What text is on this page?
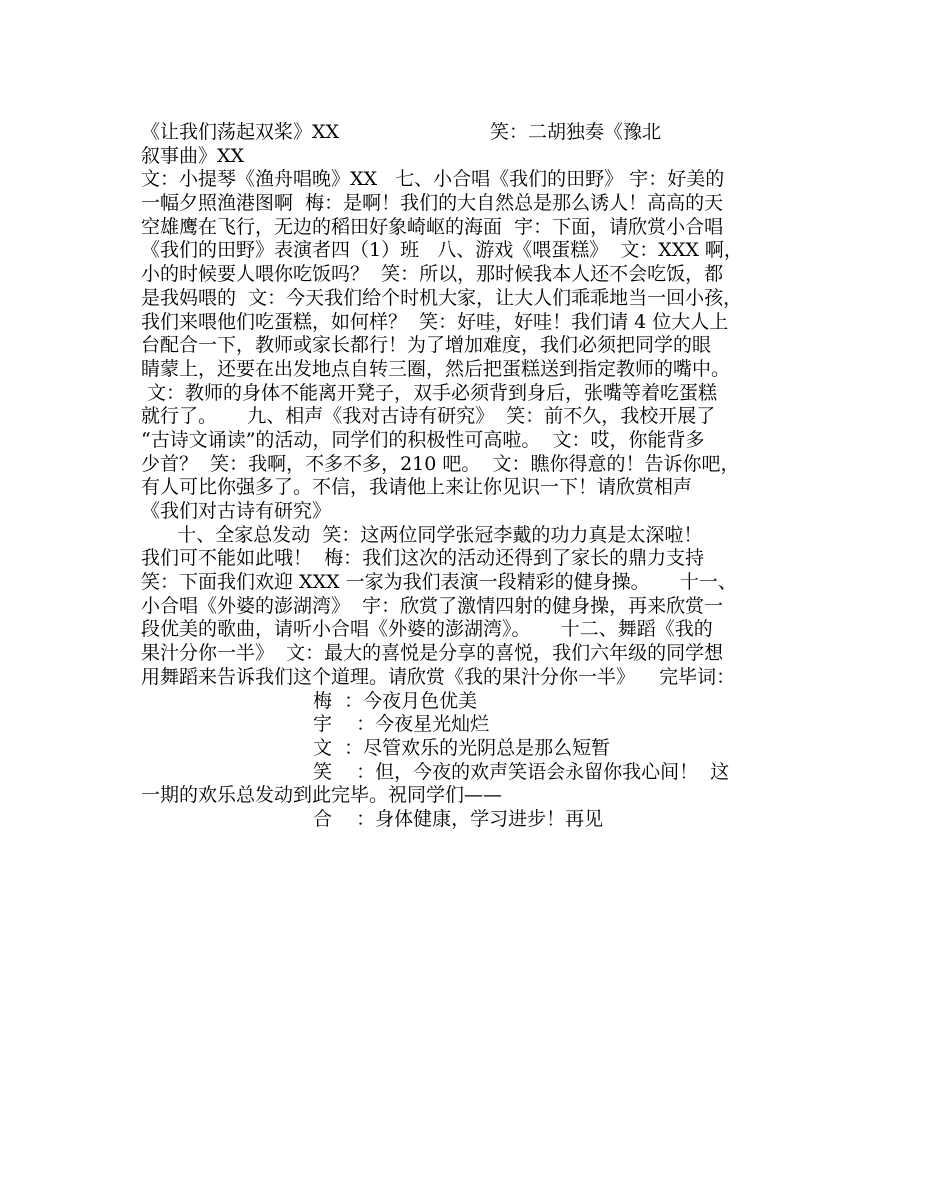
《让我们荡起双桨》XX                         笑：二胡独奏《豫北
叙事曲》XX
文：小提琴《渔舟唱晚》XX   七、小合唱《我们的田野》 宇：好美的
一幅夕照渔港图啊  梅：是啊！我们的大自然总是那么诱人！高高的天
空雄鹰在飞行，无边的稻田好象崎岖的海面  宇：下面，请欣赏小合唱
《我们的田野》表演者四（1）班   八、游戏《喂蛋糕》  文：XXX 啊，
小的时候要人喂你吃饭吗？  笑：所以，那时候我本人还不会吃饭，都
是我妈喂的  文：今天我们给个时机大家，让大人们乖乖地当一回小孩，
我们来喂他们吃蛋糕，如何样？  笑：好哇，好哇！我们请 4 位大人上
台配合一下，教师或家长都行！为了增加难度，我们必须把同学的眼
睛蒙上，还要在出发地点自转三圈，然后把蛋糕送到指定教师的嘴中。
文：教师的身体不能离开凳子，双手必须背到身后，张嘴等着吃蛋糕
就行了。     九、相声《我对古诗有研究》  笑：前不久，我校开展了
“古诗文诵读”的活动，同学们的积极性可高啦。  文：哎，你能背多
少首？  笑：我啊，不多不多，210 吧。  文：瞧你得意的！告诉你吧，
有人可比你强多了。不信，我请他上来让你见识一下！请欣赏相声
《我们对古诗有研究》
十、全家总发动  笑：这两位同学张冠李戴的功力真是太深啦！
我们可不能如此哦！  梅：我们这次的活动还得到了家长的鼎力支持
笑：下面我们欢迎 XXX 一家为我们表演一段精彩的健身操。     十一、
小合唱《外婆的澎湖湾》  宇：欣赏了激情四射的健身操，再来欣赏一
段优美的歌曲，请听小合唱《外婆的澎湖湾》。     十二、舞蹈《我的
果汁分你一半》  文：最大的喜悦是分享的喜悦，我们六年级的同学想
用舞蹈来告诉我们这个道理。请欣赏《我的果汁分你一半》    完毕词：
梅  ：今夜月色优美
宇    ：今夜星光灿烂
文  ：尽管欢乐的光阴总是那么短暂
笑    ：但，今夜的欢声笑语会永留你我心间！  这
一期的欢乐总发动到此完毕。祝同学们——
合    ：身体健康，学习进步！再见
